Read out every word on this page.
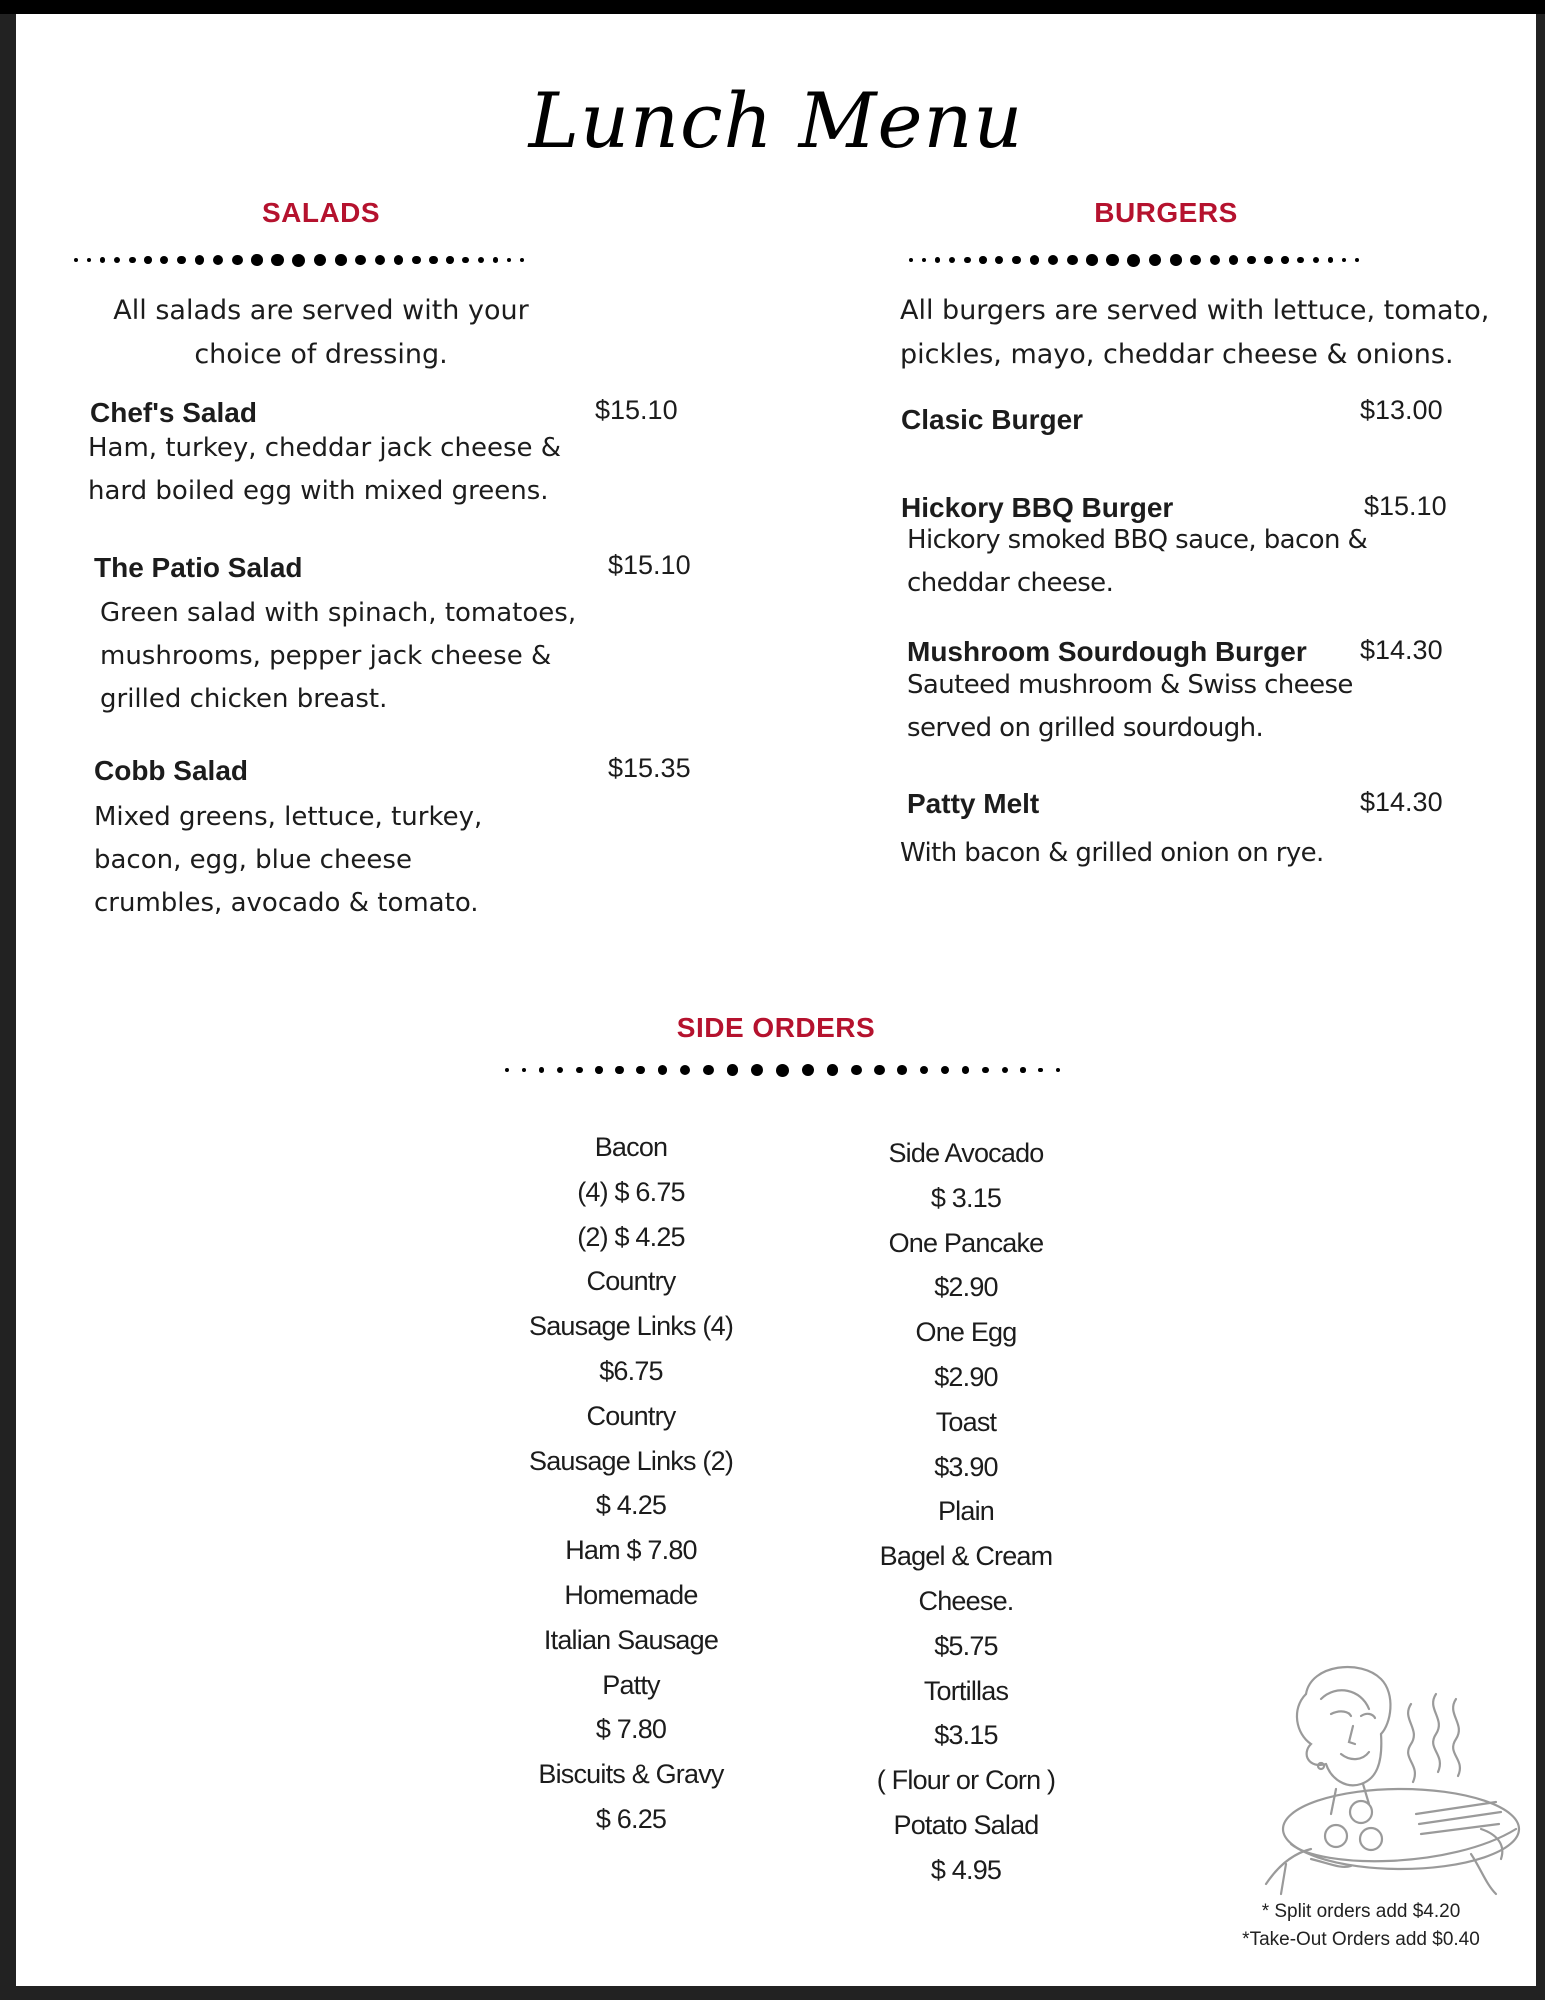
Lunch Menu
SALADS
All salads are served with your
choice of dressing.
Chef's Salad	$15.10
Ham, turkey, cheddar jack cheese &
hard boiled egg with mixed greens.
The Patio Salad	$15.10
Green salad with spinach, tomatoes,
mushrooms, pepper jack cheese &
grilled chicken breast.
Cobb Salad	$15.35
Mixed greens, lettuce, turkey,
bacon, egg, blue cheese
crumbles, avocado & tomato.
BURGERS
All burgers are served with lettuce, tomato,
pickles, mayo, cheddar cheese & onions.
Clasic Burger	$13.00
Hickory BBQ Burger	$15.10
Hickory smoked BBQ sauce, bacon &
cheddar cheese.
Mushroom Sourdough Burger $14.30
Sauteed mushroom & Swiss cheese
served on grilled sourdough.
Patty Melt	$14.30
With bacon & grilled onion on rye.
SIDE ORDERS
Bacon
(4) $ 6.75
(2) $ 4.25
Country
Sausage Links (4)
$6.75
Country
Sausage Links (2)
$ 4.25
Ham $ 7.80
Homemade
Italian Sausage
Patty
$ 7.80
Biscuits & Gravy
$ 6.25
Side Avocado
$ 3.15
One Pancake
$2.90
One Egg
$2.90
Toast
$3.90
Plain
Bagel & Cream
Cheese.
$5.75
Tortillas
$3.15
( Flour or Corn )
Potato Salad
$ 4.95
* Split orders add $4.20
*Take-Out Orders add $0.40
